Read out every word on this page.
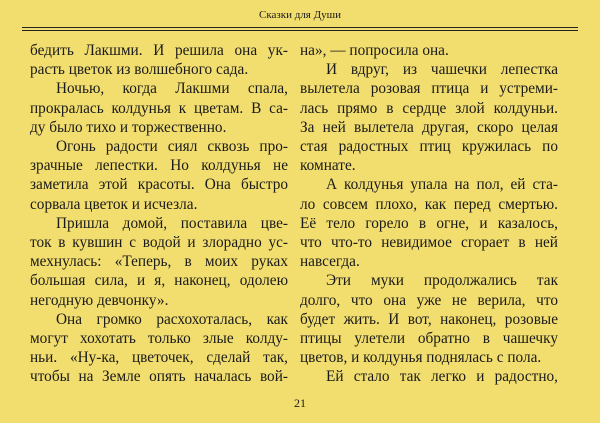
Сказки для Души
бедить Лакшми. И решила она ук-
расть цветок из волшебного сада.
Ночью, когда Лакшми спала,
прокралась колдунья к цветам. В са-
ду было тихо и торжественно.
Огонь радости сиял сквозь про-
зрачные лепестки. Но колдунья не
заметила этой красоты. Она быстро
сорвала цветок и исчезла.
Пришла домой, поставила цве-
ток в кувшин с водой и злорадно ус-
мехнулась: «Теперь, в моих руках
большая сила, и я, наконец, одолею
негодную девчонку».
Она громко расхохоталась, как
могут хохотать только злые колду-
ньи. «Ну-ка, цветочек, сделай так,
чтобы на Земле опять началась вой-
на», — попросила она.
И вдруг, из чашечки лепестка
вылетела розовая птица и устреми-
лась прямо в сердце злой колдуньи.
За ней вылетела другая, скоро целая
стая радостных птиц кружилась по
комнате.
А колдунья упала на пол, ей ста-
ло совсем плохо, как перед смертью.
Её тело горело в огне, и казалось,
что что-то невидимое сгорает в ней
навсегда.
Эти муки продолжались так
долго, что она уже не верила, что
будет жить. И вот, наконец, розовые
птицы улетели обратно в чашечку
цветов, и колдунья поднялась с пола.
Ей стало так легко и радостно,
21
